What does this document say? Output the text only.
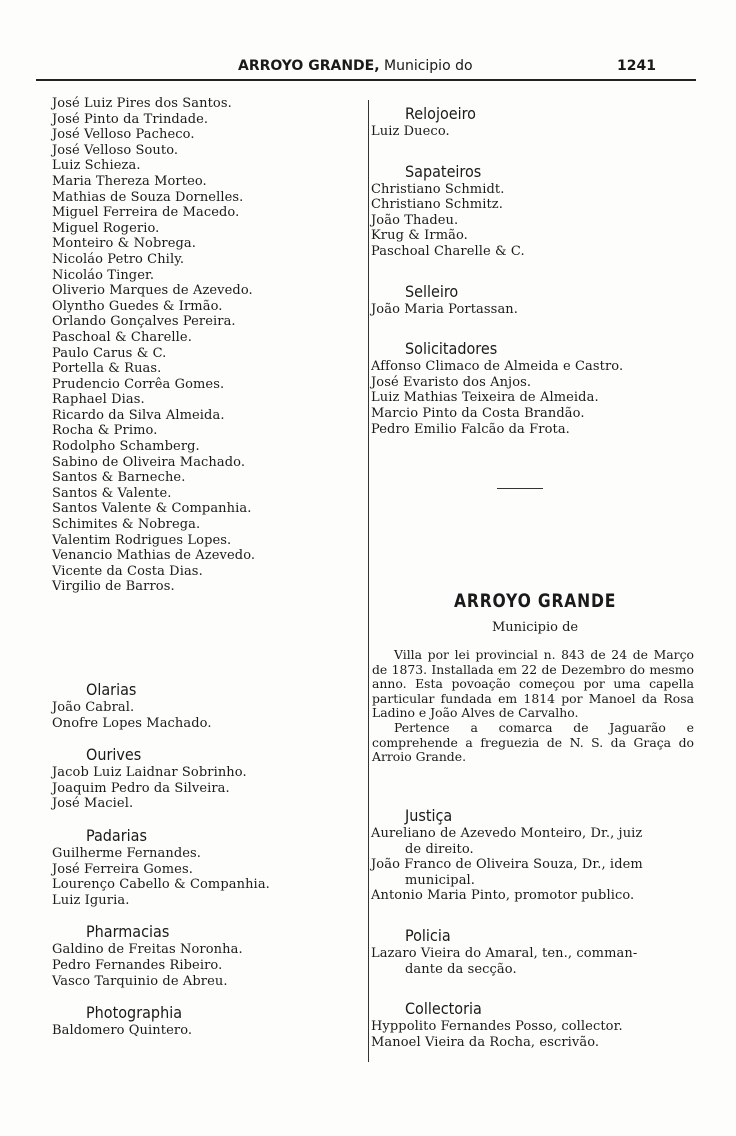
ARROYO GRANDE, Municipio do	1241
José Luiz Pires dos Santos.
José Pinto da Trindade.
José Velloso Pacheco.
José Velloso Souto.
Luiz Schieza.
Maria Thereza Morteo.
Mathias de Souza Dornelles.
Miguel Ferreira de Macedo.
Miguel Rogerio.
Monteiro & Nobrega.
Nicoláo Petro Chily.
Nicoláo Tinger.
Oliverio Marques de Azevedo.
Olyntho Guedes & Irmão.
Orlando Gonçalves Pereira.
Paschoal & Charelle.
Paulo Carus & C.
Portella & Ruas.
Prudencio Corrêa Gomes.
Raphael Dias.
Ricardo da Silva Almeida.
Rocha & Primo.
Rodolpho Schamberg.
Sabino de Oliveira Machado.
Santos & Barneche.
Santos & Valente.
Santos Valente & Companhia.
Schimites & Nobrega.
Valentim Rodrigues Lopes.
Venancio Mathias de Azevedo.
Vicente da Costa Dias.
Virgilio de Barros.
Olarias
João Cabral.
Onofre Lopes Machado.
Ourives
Jacob Luiz Laidnar Sobrinho.
Joaquim Pedro da Silveira.
José Maciel.
Padarias
Guilherme Fernandes.
José Ferreira Gomes.
Lourenço Cabello & Companhia.
Luiz Iguria.
Pharmacias
Galdino de Freitas Noronha.
Pedro Fernandes Ribeiro.
Vasco Tarquinio de Abreu.
Photographia
Baldomero Quintero.
Relojoeiro
Luiz Dueco.
Sapateiros
Christiano Schmidt.
Christiano Schmitz.
João Thadeu.
Krug & Irmão.
Paschoal Charelle & C.
Selleiro
João Maria Portassan.
Solicitadores
Affonso Climaco de Almeida e Castro.
José Evaristo dos Anjos.
Luiz Mathias Teixeira de Almeida.
Marcio Pinto da Costa Brandão.
Pedro Emilio Falcão da Frota.
ARROYO GRANDE
Municipio de

Villa por lei provincial n. 843 de 24 de Março de 1873. Installada em 22 de Dezembro do mesmo anno. Esta povoação começou por uma capella particular fundada em 1814 por Manoel da Rosa Ladino e João Alves de Carvalho.

Pertence a comarca de Jaguarão e comprehende a freguezia de N. S. da Graça do Arroio Grande.

Justiça
Aureliano de Azevedo Monteiro, Dr., juiz
de direito.
João Franco de Oliveira Souza, Dr., idem
municipal.
Antonio Maria Pinto, promotor publico.
Policia
Lazaro Vieira do Amaral, ten., comman-
dante da secção.
Collectoria
Hyppolito Fernandes Posso, collector.
Manoel Vieira da Rocha, escrivão.
